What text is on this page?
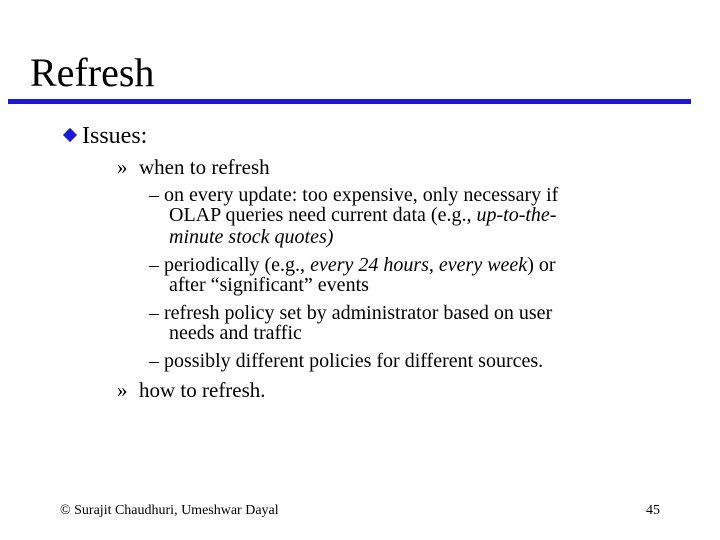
Refresh
Issues:
» when to refresh
– on every update: too expensive, only necessary if
OLAP queries need current data (e.g., up-to-the-
minute stock quotes)
– periodically (e.g., every 24 hours, every week) or
after “significant” events
– refresh policy set by administrator based on user
needs and traffic
– possibly different policies for different sources.
» how to refresh.
© Surajit Chaudhuri, Umeshwar Dayal	45
